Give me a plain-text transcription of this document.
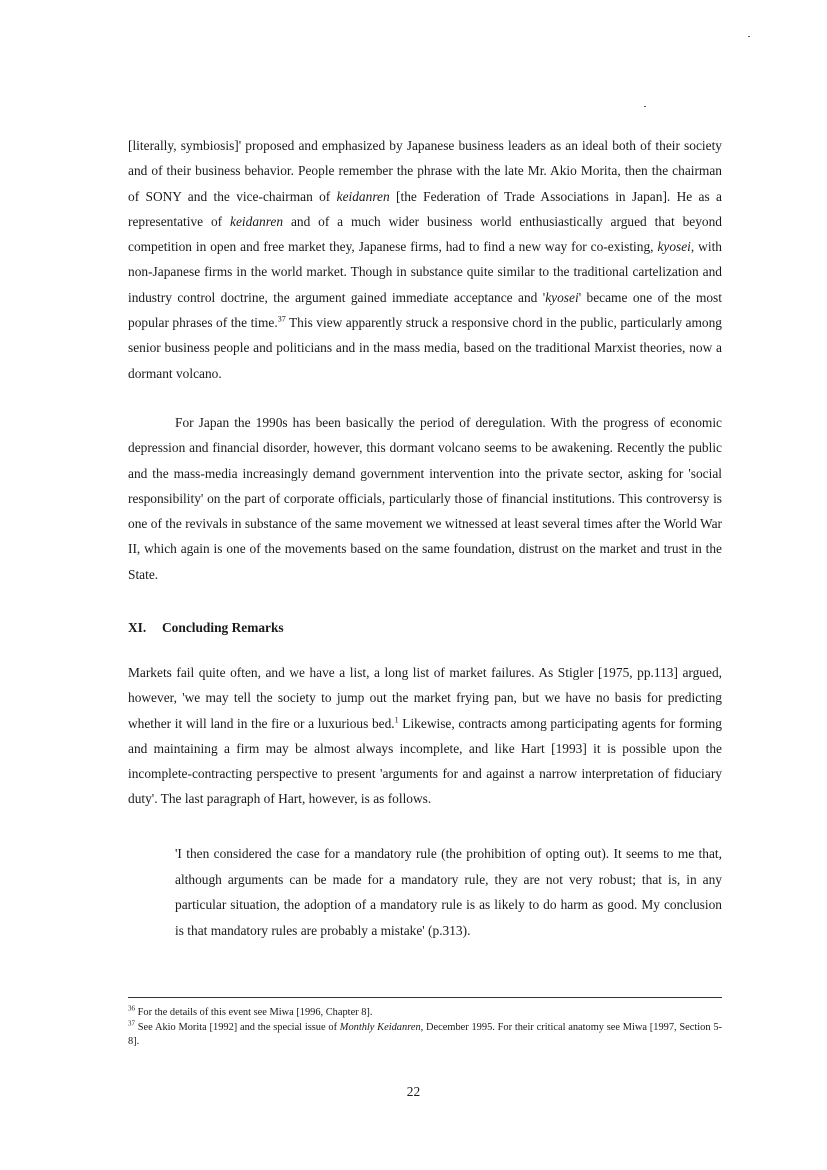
[literally, symbiosis]' proposed and emphasized by Japanese business leaders as an ideal both of their society and of their business behavior. People remember the phrase with the late Mr. Akio Morita, then the chairman of SONY and the vice-chairman of keidanren [the Federation of Trade Associations in Japan]. He as a representative of keidanren and of a much wider business world enthusiastically argued that beyond competition in open and free market they, Japanese firms, had to find a new way for co-existing, kyosei, with non-Japanese firms in the world market. Though in substance quite similar to the traditional cartelization and industry control doctrine, the argument gained immediate acceptance and 'kyosei' became one of the most popular phrases of the time.$^{37}$ This view apparently struck a responsive chord in the public, particularly among senior business people and politicians and in the mass media, based on the traditional Marxist theories, now a dormant volcano.

For Japan the 1990s has been basically the period of deregulation. With the progress of economic depression and financial disorder, however, this dormant volcano seems to be awakening. Recently the public and the mass-media increasingly demand government intervention into the private sector, asking for 'social responsibility' on the part of corporate officials, particularly those of financial institutions. This controversy is one of the revivals in substance of the same movement we witnessed at least several times after the World War II, which again is one of the movements based on the same foundation, distrust on the market and trust in the State.

XI. Concluding Remarks

Markets fail quite often, and we have a list, a long list of market failures. As Stigler [1975, pp.113] argued, however, 'we may tell the society to jump out the market frying pan, but we have no basis for predicting whether it will land in the fire or a luxurious bed.$^1$ Likewise, contracts among participating agents for forming and maintaining a firm may be almost always incomplete, and like Hart [1993] it is possible upon the incomplete-contracting perspective to present 'arguments for and against a narrow interpretation of fiduciary duty'. The last paragraph of Hart, however, is as follows.

'I then considered the case for a mandatory rule (the prohibition of opting out). It seems to me that, although arguments can be made for a mandatory rule, they are not very robust; that is, in any particular situation, the adoption of a mandatory rule is as likely to do harm as good. My conclusion is that mandatory rules are probably a mistake' (p.313).

$^{36}$ For the details of this event see Miwa [1996, Chapter 8].

$^{37}$ See Akio Morita [1992] and the special issue of Monthly Keidanren, December 1995. For their critical anatomy see Miwa [1997, Section 5-8].

22
